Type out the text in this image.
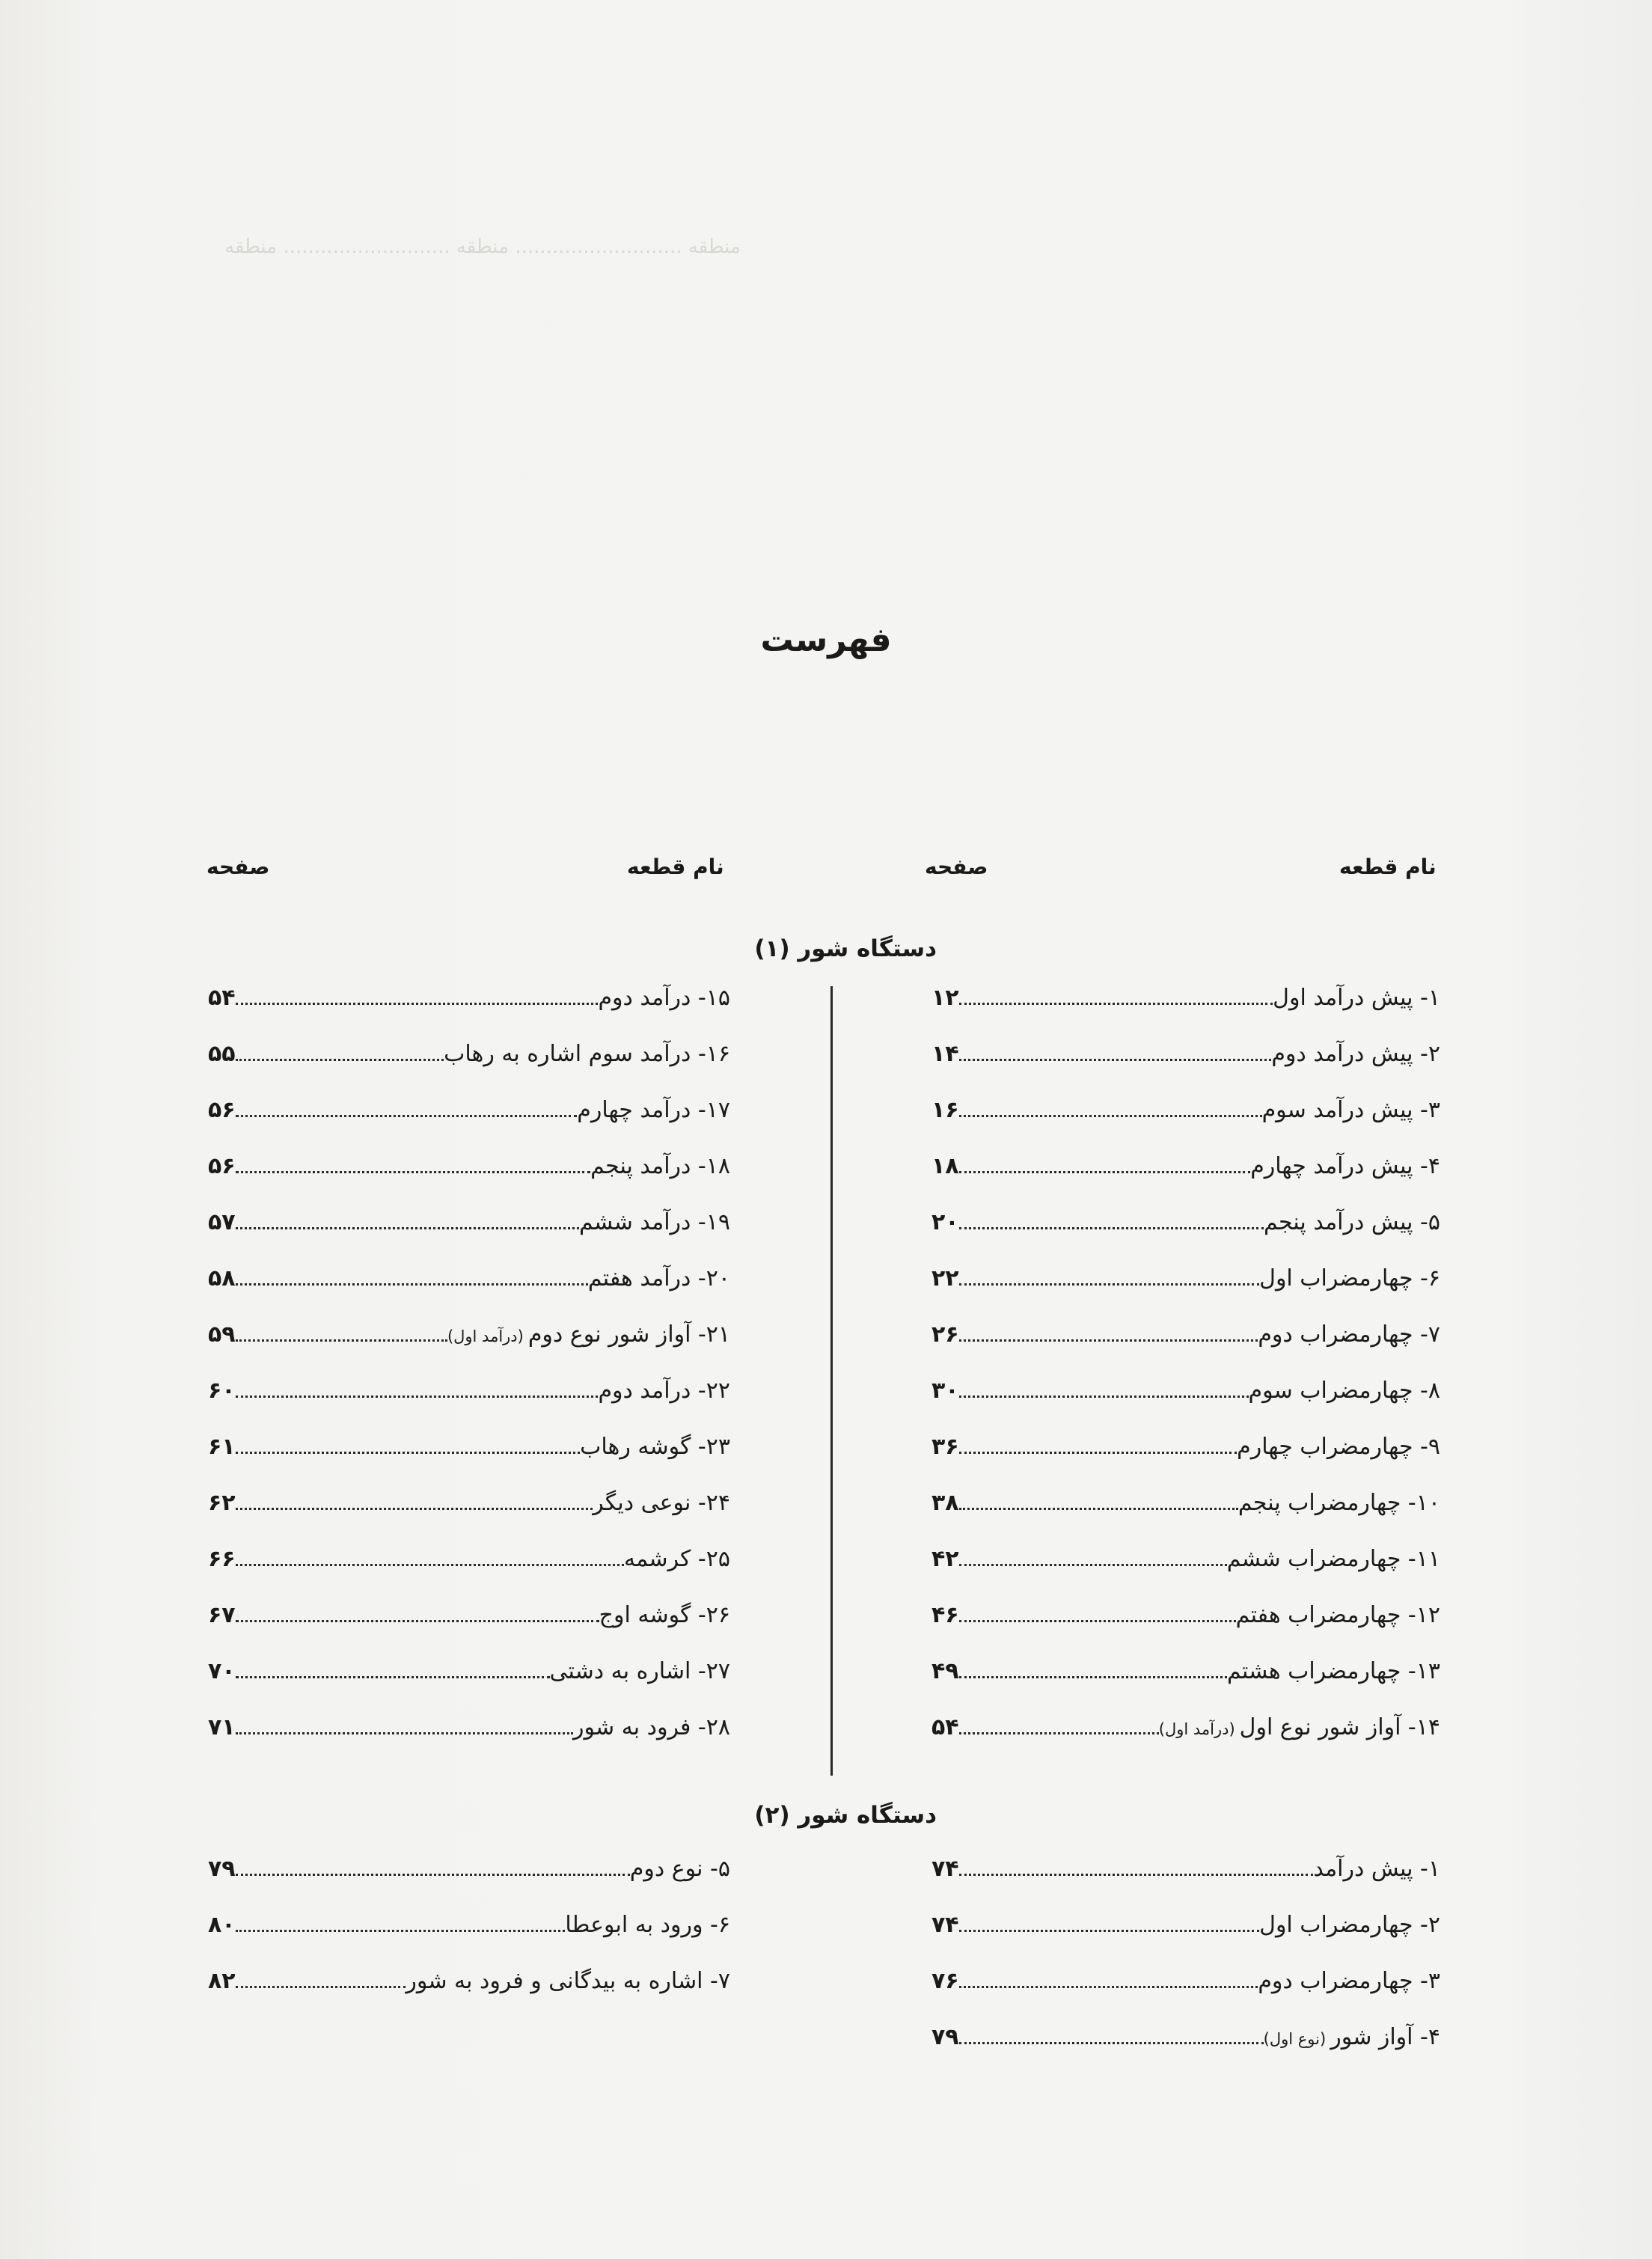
منطقه ........................... منطقه ........................... منطقه
فهرست
نام قطعه
صفحه
نام قطعه
صفحه
دستگاه شور (۱)
۱- پیش درآمد اول
۱۲
۲- پیش درآمد دوم
۱۴
۳- پیش درآمد سوم
۱۶
۴- پیش درآمد چهارم
۱۸
۵- پیش درآمد پنجم
۲۰
۶- چهارمضراب اول
۲۲
۷- چهارمضراب دوم
۲۶
۸- چهارمضراب سوم
۳۰
۹- چهارمضراب چهارم
۳۶
۱۰- چهارمضراب پنجم
۳۸
۱۱- چهارمضراب ششم
۴۲
۱۲- چهارمضراب هفتم
۴۶
۱۳- چهارمضراب هشتم
۴۹
۱۴- آواز شور نوع اول(درآمد اول)
۵۴
۱۵- درآمد دوم
۵۴
۱۶- درآمد سوم اشاره به رهاب
۵۵
۱۷- درآمد چهارم
۵۶
۱۸- درآمد پنجم
۵۶
۱۹- درآمد ششم
۵۷
۲۰- درآمد هفتم
۵۸
۲۱- آواز شور نوع دوم(درآمد اول)
۵۹
۲۲- درآمد دوم
۶۰
۲۳- گوشه رهاب
۶۱
۲۴- نوعی دیگر
۶۲
۲۵- کرشمه
۶۶
۲۶- گوشه اوج
۶۷
۲۷- اشاره به دشتی
۷۰
۲۸- فرود به شور
۷۱
دستگاه شور (۲)
۱- پیش درآمد
۷۴
۲- چهارمضراب اول
۷۴
۳- چهارمضراب دوم
۷۶
۴- آواز شور(نوع اول)
۷۹
۵- نوع دوم
۷۹
۶- ورود به ابوعطا
۸۰
۷- اشاره به بیدگانی و فرود به شور
۸۲
